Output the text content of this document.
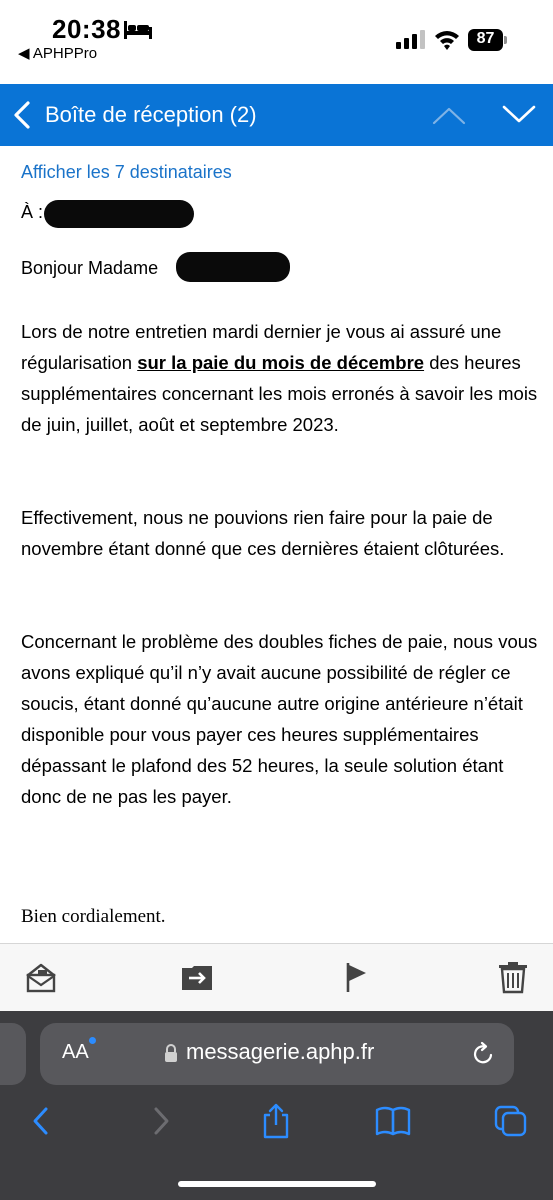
20:38
◀ APHPPro
87
Boîte de réception (2)
Afficher les 7 destinataires
À :
Bonjour Madame

Lors de notre entretien mardi dernier je vous ai assuré une régularisation sur la paie du mois de décembre des heures supplémentaires concernant les mois erronés à savoir les mois de juin, juillet, août et septembre 2023.

Effectivement, nous ne pouvions rien faire pour la paie de novembre étant donné que ces dernières étaient clôturées.

Concernant le problème des doubles fiches de paie, nous vous avons expliqué qu’il n’y avait aucune possibilité de régler ce soucis, étant donné qu’aucune autre origine antérieure n’était disponible pour vous payer ces heures supplémentaires dépassant le plafond des 52 heures, la seule solution étant donc de ne pas les payer.

Bien cordialement.
AA	messagerie.aphp.fr
